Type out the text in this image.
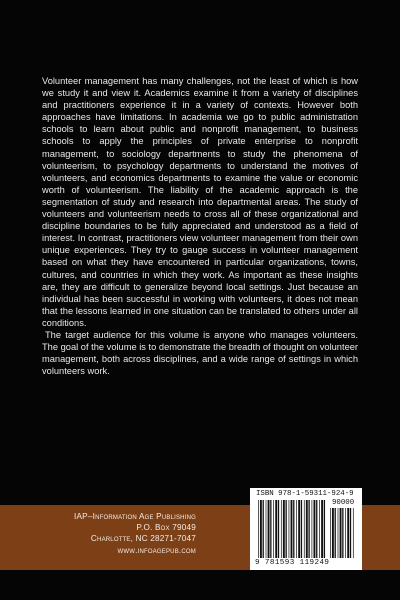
Volunteer management has many challenges, not the least of which is how we study it and view it. Academics examine it from a variety of disciplines and practitioners experience it in a variety of contexts. However both approaches have limitations. In academia we go to public administration schools to learn about public and nonprofit management, to business schools to apply the principles of private enterprise to nonprofit management, to sociology departments to study the phenomena of volunteerism, to psychology departments to understand the motives of volunteers, and economics departments to examine the value or economic worth of volunteerism. The liability of the academic approach is the segmentation of study and research into departmental areas. The study of volunteers and volunteerism needs to cross all of these organizational and discipline boundaries to be fully appreciated and understood as a field of interest. In contrast, practitioners view volunteer management from their own unique experiences. They try to gauge success in volunteer management based on what they have encountered in particular organizations, towns, cultures, and countries in which they work. As important as these insights are, they are difficult to generalize beyond local settings. Just because an individual has been successful in working with volunteers, it does not mean that the lessons learned in one situation can be translated to others under all conditions.

The target audience for this volume is anyone who manages volunteers. The goal of the volume is to demonstrate the breadth of thought on volunteer management, both across disciplines, and a wide range of settings in which volunteers work.

IAP–Information Age Publishing
P.O. Box 79049
Charlotte, NC 28271-7047
www.infoagepub.com
ISBN 978-1-59311-924-9
90000
9 781593 119249
